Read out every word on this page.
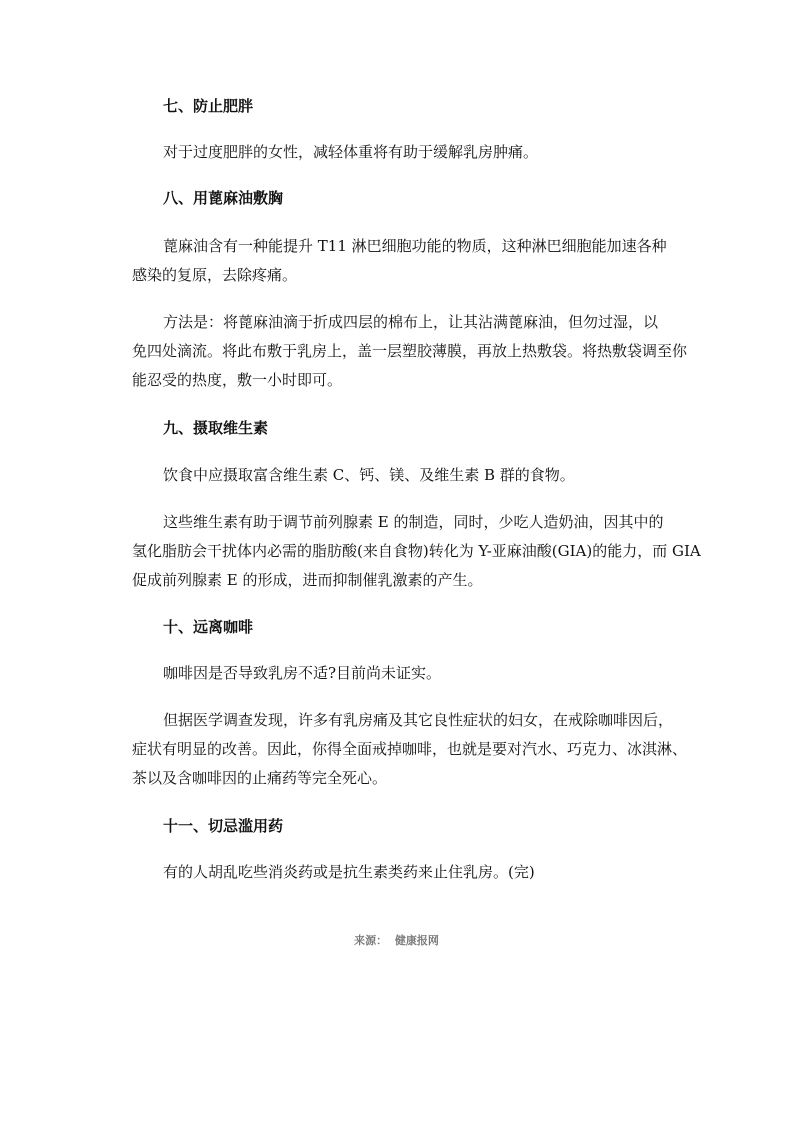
七、防止肥胖
对于过度肥胖的女性，减轻体重将有助于缓解乳房肿痛。
八、用蓖麻油敷胸
蓖麻油含有一种能提升 T11 淋巴细胞功能的物质，这种淋巴细胞能加速各种
感染的复原，去除疼痛。
方法是：将蓖麻油滴于折成四层的棉布上，让其沾满蓖麻油，但勿过湿，以
免四处滴流。将此布敷于乳房上，盖一层塑胶薄膜，再放上热敷袋。将热敷袋调至你
能忍受的热度，敷一小时即可。
九、摄取维生素
饮食中应摄取富含维生素 C、钙、镁、及维生素 B 群的食物。
这些维生素有助于调节前列腺素 E 的制造，同时，少吃人造奶油，因其中的
氢化脂肪会干扰体内必需的脂肪酸(来自食物)转化为 Y-亚麻油酸(GIA)的能力，而 GIA
促成前列腺素 E 的形成，进而抑制催乳激素的产生。
十、远离咖啡
咖啡因是否导致乳房不适?目前尚未证实。
但据医学调查发现，许多有乳房痛及其它良性症状的妇女，在戒除咖啡因后，
症状有明显的改善。因此，你得全面戒掉咖啡，也就是要对汽水、巧克力、冰淇淋、
茶以及含咖啡因的止痛药等完全死心。
十一、切忌滥用药
有的人胡乱吃些消炎药或是抗生素类药来止住乳房。(完)
来源： 健康报网
